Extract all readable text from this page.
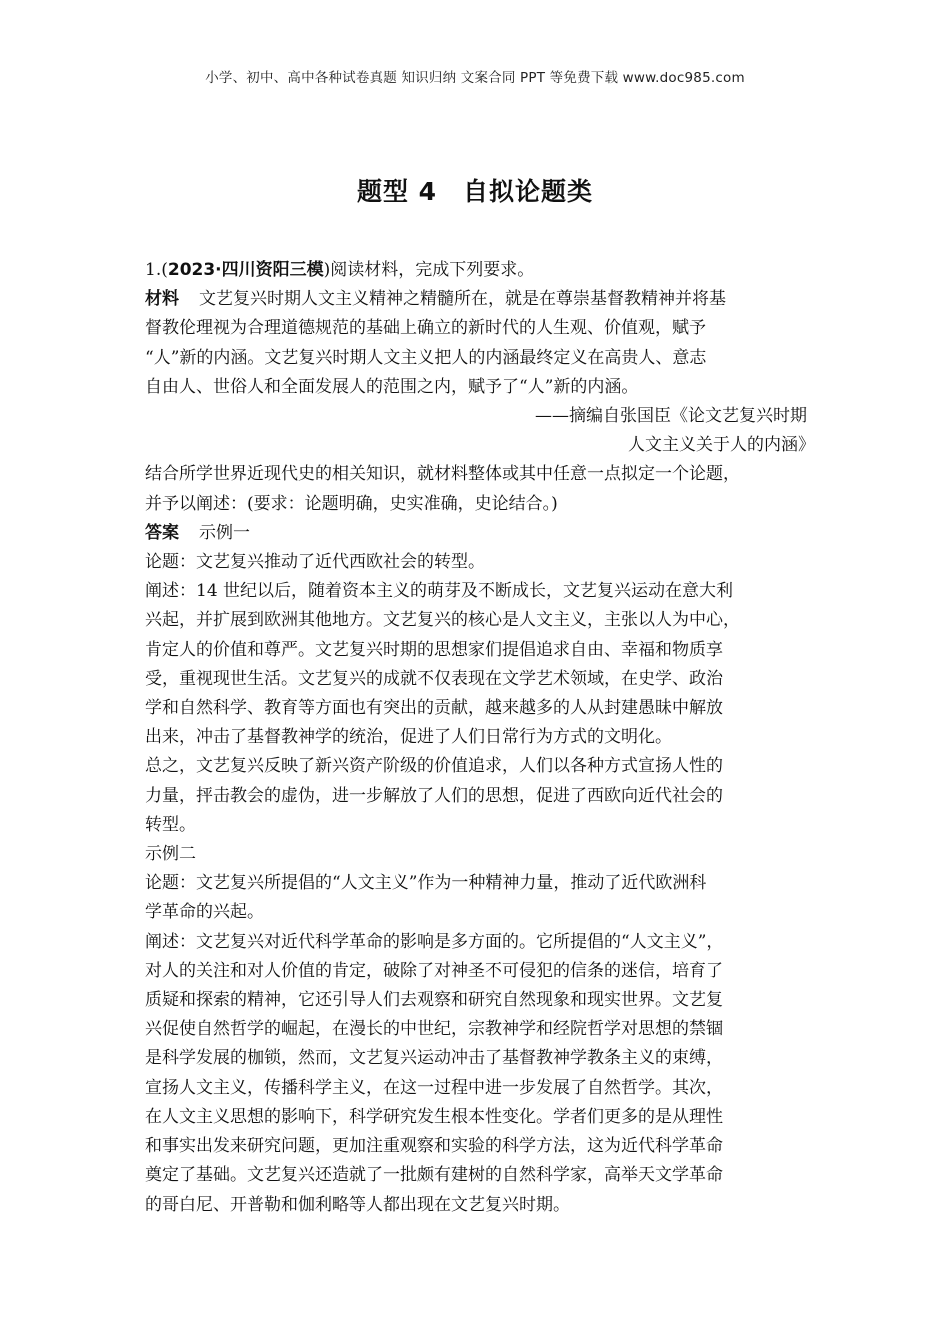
小学、初中、高中各种试卷真题 知识归纳 文案合同 PPT 等免费下载 www.doc985.com
题型 4　自拟论题类

1.(2023·四川资阳三模)阅读材料，完成下列要求。

材料 文艺复兴时期人文主义精神之精髓所在，就是在尊崇基督教精神并将基

督教伦理视为合理道德规范的基础上确立的新时代的人生观、价值观，赋予

“人”新的内涵。文艺复兴时期人文主义把人的内涵最终定义在高贵人、意志

自由人、世俗人和全面发展人的范围之内，赋予了“人”新的内涵。

——摘编自张国臣《论文艺复兴时期

人文主义关于人的内涵》

结合所学世界近现代史的相关知识，就材料整体或其中任意一点拟定一个论题，

并予以阐述：(要求：论题明确，史实准确，史论结合。)

答案 示例一

论题：文艺复兴推动了近代西欧社会的转型。

阐述：14 世纪以后，随着资本主义的萌芽及不断成长，文艺复兴运动在意大利

兴起，并扩展到欧洲其他地方。文艺复兴的核心是人文主义，主张以人为中心，

肯定人的价值和尊严。文艺复兴时期的思想家们提倡追求自由、幸福和物质享

受，重视现世生活。文艺复兴的成就不仅表现在文学艺术领域，在史学、政治

学和自然科学、教育等方面也有突出的贡献，越来越多的人从封建愚昧中解放

出来，冲击了基督教神学的统治，促进了人们日常行为方式的文明化。

总之，文艺复兴反映了新兴资产阶级的价值追求，人们以各种方式宣扬人性的

力量，抨击教会的虚伪，进一步解放了人们的思想，促进了西欧向近代社会的

转型。

示例二

论题：文艺复兴所提倡的“人文主义”作为一种精神力量，推动了近代欧洲科

学革命的兴起。

阐述：文艺复兴对近代科学革命的影响是多方面的。它所提倡的“人文主义”，

对人的关注和对人价值的肯定，破除了对神圣不可侵犯的信条的迷信，培育了

质疑和探索的精神，它还引导人们去观察和研究自然现象和现实世界。文艺复

兴促使自然哲学的崛起，在漫长的中世纪，宗教神学和经院哲学对思想的禁锢

是科学发展的枷锁，然而，文艺复兴运动冲击了基督教神学教条主义的束缚，

宣扬人文主义，传播科学主义，在这一过程中进一步发展了自然哲学。其次，

在人文主义思想的影响下，科学研究发生根本性变化。学者们更多的是从理性

和事实出发来研究问题，更加注重观察和实验的科学方法，这为近代科学革命

奠定了基础。文艺复兴还造就了一批颇有建树的自然科学家，高举天文学革命

的哥白尼、开普勒和伽利略等人都出现在文艺复兴时期。
